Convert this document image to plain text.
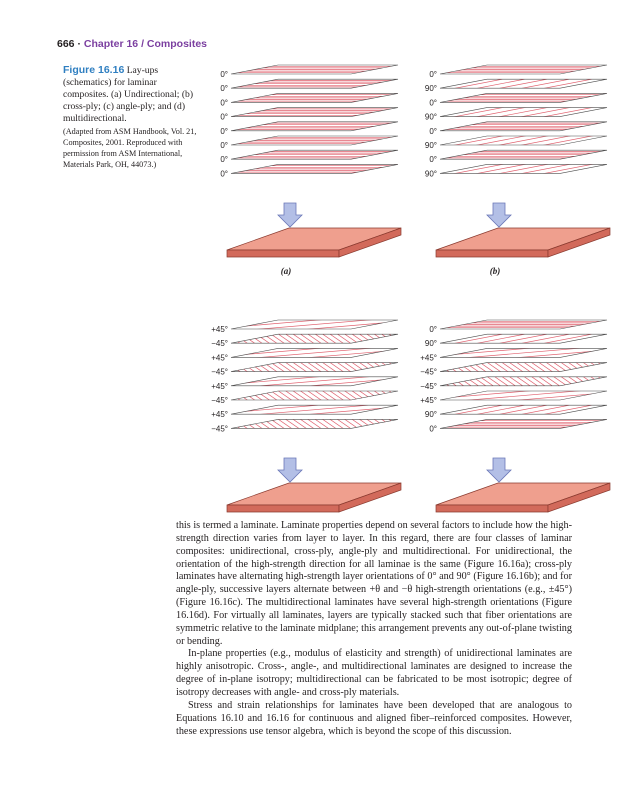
666 · Chapter 16 / Composites
Figure 16.16 Lay-ups (schematics) for laminar composites. (a) Undirectional; (b) cross-ply; (c) angle-ply; and (d) multidirectional.
(Adapted from ASM Handbook, Vol. 21, Composites, 2001. Reproduced with permission from ASM International, Materials Park, OH, 44073.)
0°
0°
0°
0°
0°
0°
0°
0°
(a)
0°
90°
0°
90°
0°
90°
0°
90°
(b)
+45°
−45°
+45°
−45°
+45°
−45°
+45°
−45°
0°
90°
+45°
−45°
−45°
+45°
90°
0°

this is termed a laminate. Laminate properties depend on several factors to include how the high-strength direction varies from layer to layer. In this regard, there are four classes of laminar composites: unidirectional, cross-ply, angle-ply and multidirectional. For unidirectional, the orientation of the high-strength direction for all laminae is the same (Figure 16.16a); cross-ply laminates have alternating high-strength layer orientations of 0° and 90° (Figure 16.16b); and for angle-ply, successive layers alternate between +θ and −θ high-strength orientations (e.g., ±45°) (Figure 16.16c). The multidirectional laminates have several high-strength orientations (Figure 16.16d). For virtually all laminates, layers are typically stacked such that fiber orientations are symmetric relative to the laminate midplane; this arrangement prevents any out-of-plane twisting or bending.

In-plane properties (e.g., modulus of elasticity and strength) of unidirectional laminates are highly anisotropic. Cross-, angle-, and multidirectional laminates are designed to increase the degree of in-plane isotropy; multidirectional can be fabricated to be most isotropic; degree of isotropy decreases with angle- and cross-ply materials.

Stress and strain relationships for laminates have been developed that are analogous to Equations 16.10 and 16.16 for continuous and aligned fiber–reinforced composites. However, these expressions use tensor algebra, which is beyond the scope of this discussion.
